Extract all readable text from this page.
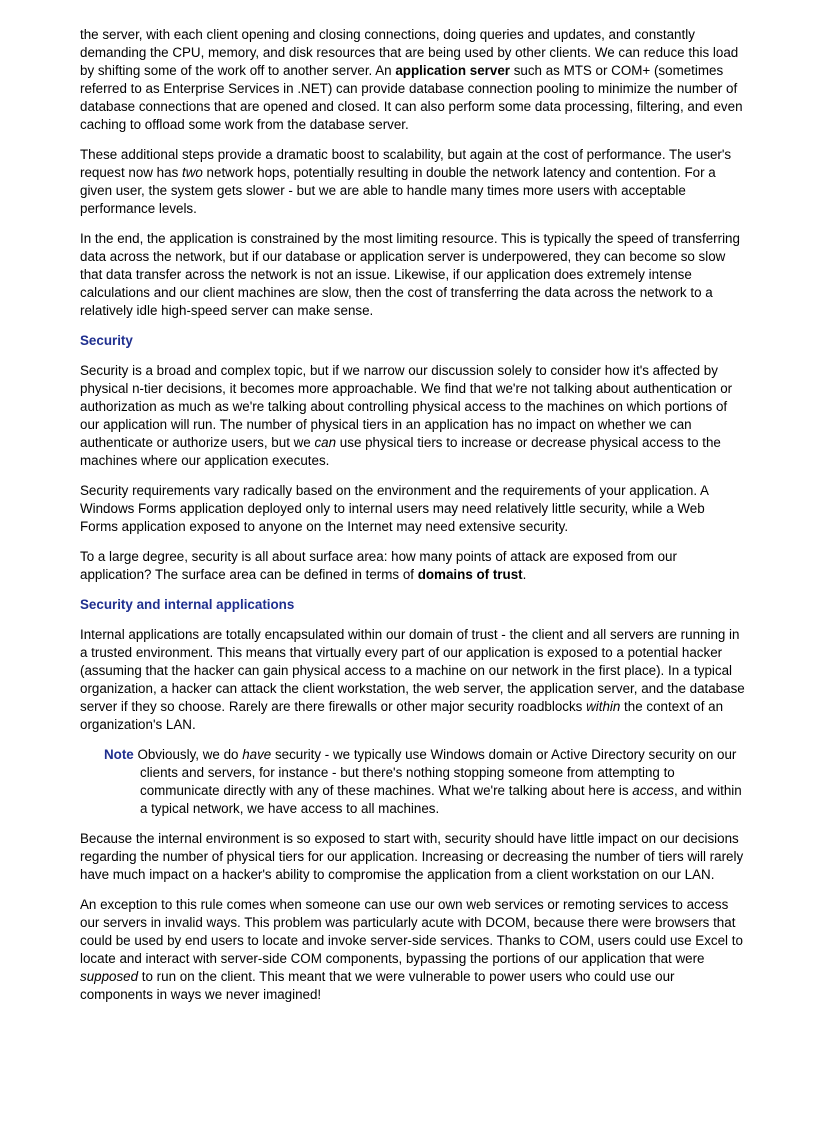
the server, with each client opening and closing connections, doing queries and updates, and constantly demanding the CPU, memory, and disk resources that are being used by other clients. We can reduce this load by shifting some of the work off to another server. An application server such as MTS or COM+ (sometimes referred to as Enterprise Services in .NET) can provide database connection pooling to minimize the number of database connections that are opened and closed. It can also perform some data processing, filtering, and even caching to offload some work from the database server.

These additional steps provide a dramatic boost to scalability, but again at the cost of performance. The user's request now has two network hops, potentially resulting in double the network latency and contention. For a given user, the system gets slower - but we are able to handle many times more users with acceptable performance levels.

In the end, the application is constrained by the most limiting resource. This is typically the speed of transferring data across the network, but if our database or application server is underpowered, they can become so slow that data transfer across the network is not an issue. Likewise, if our application does extremely intense calculations and our client machines are slow, then the cost of transferring the data across the network to a relatively idle high-speed server can make sense.

Security

Security is a broad and complex topic, but if we narrow our discussion solely to consider how it's affected by physical n-tier decisions, it becomes more approachable. We find that we're not talking about authentication or authorization as much as we're talking about controlling physical access to the machines on which portions of our application will run. The number of physical tiers in an application has no impact on whether we can authenticate or authorize users, but we can use physical tiers to increase or decrease physical access to the machines where our application executes.

Security requirements vary radically based on the environment and the requirements of your application. A Windows Forms application deployed only to internal users may need relatively little security, while a Web Forms application exposed to anyone on the Internet may need extensive security.

To a large degree, security is all about surface area: how many points of attack are exposed from our application? The surface area can be defined in terms of domains of trust.

Security and internal applications

Internal applications are totally encapsulated within our domain of trust - the client and all servers are running in a trusted environment. This means that virtually every part of our application is exposed to a potential hacker (assuming that the hacker can gain physical access to a machine on our network in the first place). In a typical organization, a hacker can attack the client workstation, the web server, the application server, and the database server if they so choose. Rarely are there firewalls or other major security roadblocks within the context of an organization's LAN.

Note Obviously, we do have security - we typically use Windows domain or Active Directory security on our clients and servers, for instance - but there's nothing stopping someone from attempting to communicate directly with any of these machines. What we're talking about here is access, and within a typical network, we have access to all machines.

Because the internal environment is so exposed to start with, security should have little impact on our decisions regarding the number of physical tiers for our application. Increasing or decreasing the number of tiers will rarely have much impact on a hacker's ability to compromise the application from a client workstation on our LAN.

An exception to this rule comes when someone can use our own web services or remoting services to access our servers in invalid ways. This problem was particularly acute with DCOM, because there were browsers that could be used by end users to locate and invoke server-side services. Thanks to COM, users could use Excel to locate and interact with server-side COM components, bypassing the portions of our application that were supposed to run on the client. This meant that we were vulnerable to power users who could use our components in ways we never imagined!
